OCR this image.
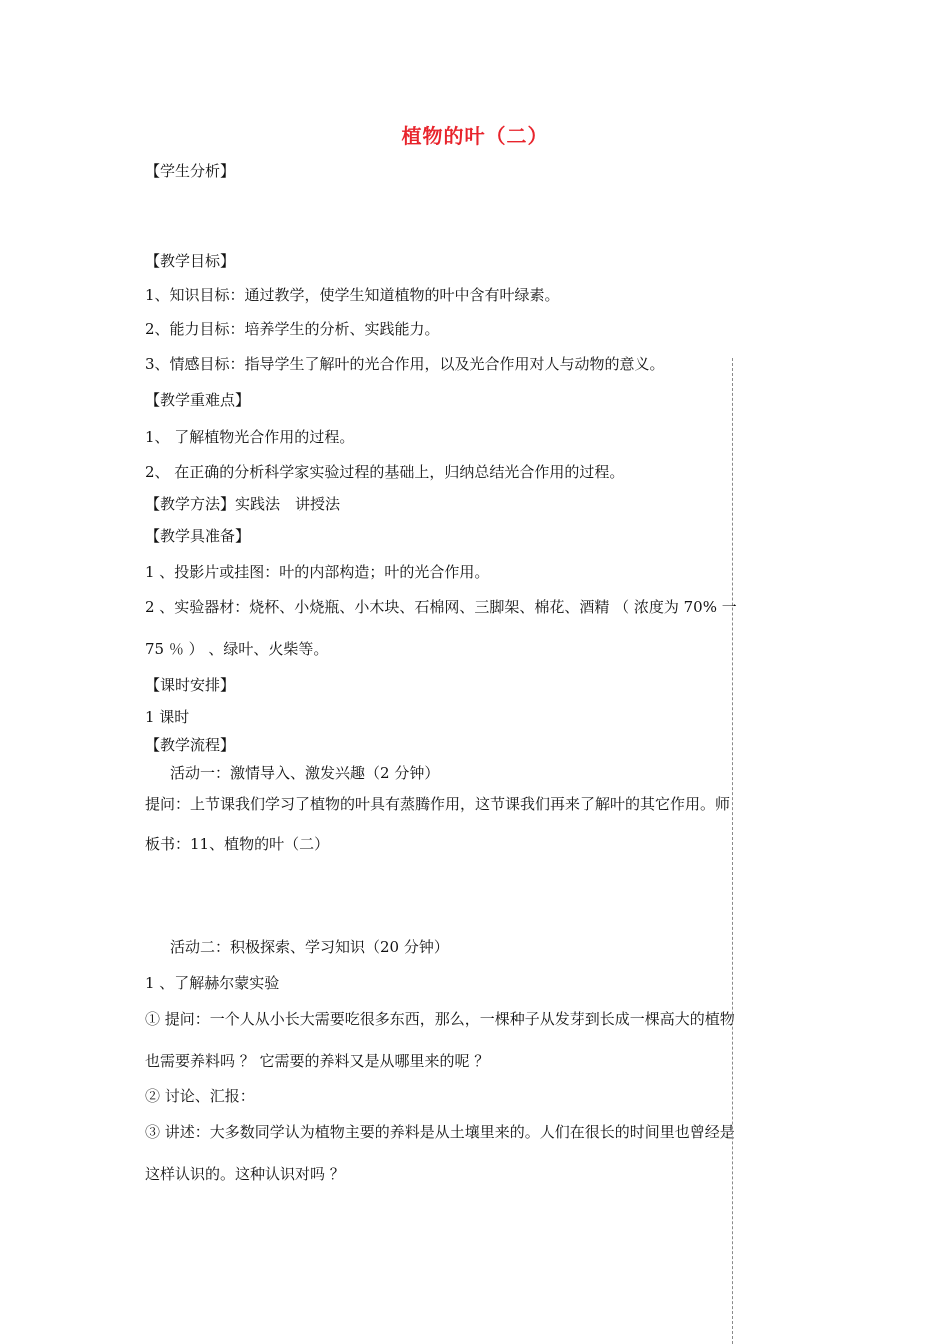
植物的叶（二）
【学生分析】
【教学目标】
1、知识目标：通过教学，使学生知道植物的叶中含有叶绿素。
2、能力目标：培养学生的分析、实践能力。
3、情感目标：指导学生了解叶的光合作用，以及光合作用对人与动物的意义。
【教学重难点】
1、 了解植物光合作用的过程。
2、 在正确的分析科学家实验过程的基础上，归纳总结光合作用的过程。
【教学方法】实践法　讲授法
【教学具准备】
1 、投影片或挂图：叶的内部构造；叶的光合作用。
2 、实验器材：烧杯、小烧瓶、小木块、石棉网、三脚架、棉花、酒精 （ 浓度为 70% 一
75 ％ ） 、绿叶、火柴等。
【课时安排】
1 课时
【教学流程】
活动一：激情导入、激发兴趣（2 分钟）
提问：上节课我们学习了植物的叶具有蒸腾作用，这节课我们再来了解叶的其它作用。师
板书：11、植物的叶（二）
活动二：积极探索、学习知识（20 分钟）
1 、了解赫尔蒙实验
① 提问：一个人从小长大需要吃很多东西，那么，一棵种子从发芽到长成一棵高大的植物
也需要养料吗 ？ 它需要的养料又是从哪里来的呢 ？
② 讨论、汇报：
③ 讲述：大多数同学认为植物主要的养料是从土壤里来的。人们在很长的时间里也曾经是
这样认识的。这种认识对吗 ？
